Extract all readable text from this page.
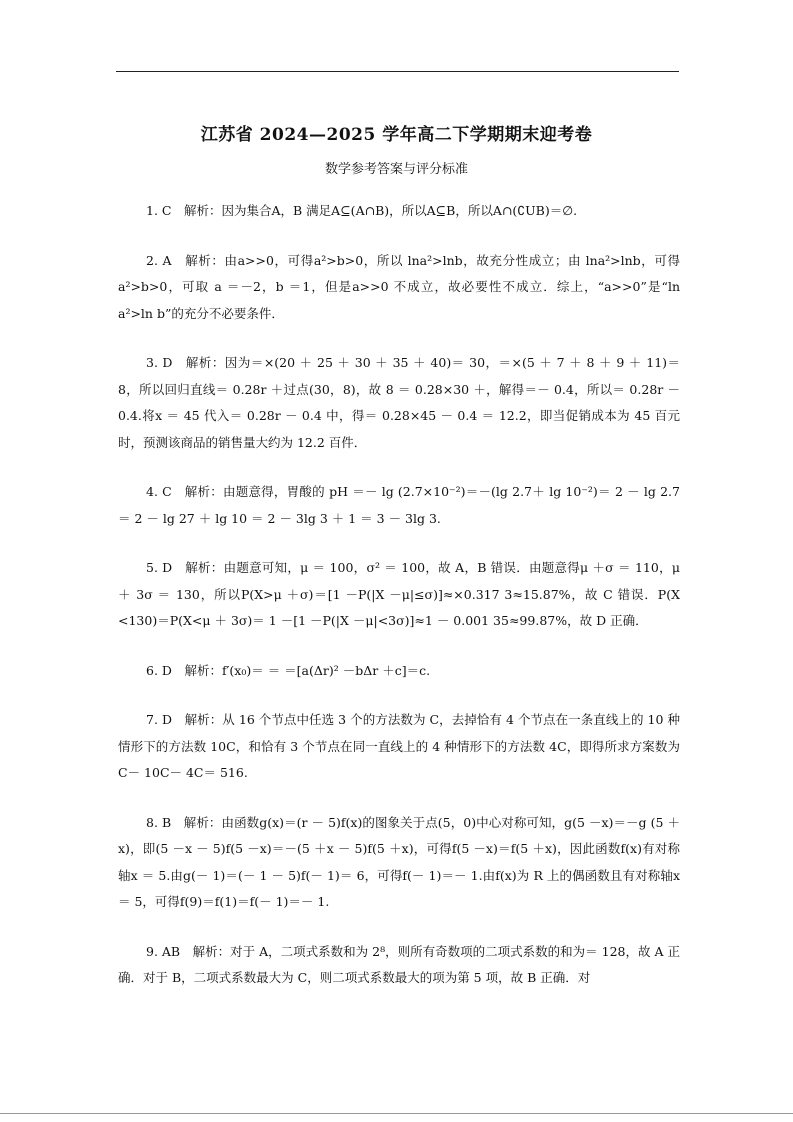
江苏省 2024—2025 学年高二下学期期末迎考卷
数学参考答案与评分标准

1. C　 解析：因为集合A，B 满足A⊆(A∩B)，所以A⊆B，所以A∩(∁UB)＝∅.

2. A　 解析：由a>>0，可得a²>b>0，所以 lna²>lnb，故充分性成立；由 lna²>lnb，可得a²>b>0，可取 a ＝－2，b ＝1，但是a>>0 不成立，故必要性不成立．综上，“a>>0”是“ln a²>ln b”的充分不必要条件．

3. D　 解析：因为＝×(20 ＋ 25 ＋ 30 ＋ 35 ＋ 40)＝ 30，＝×(5 ＋ 7 ＋ 8 ＋ 9 ＋ 11)＝ 8，所以回归直线＝ 0.28r ＋过点(30，8)，故 8 ＝ 0.28×30 ＋，解得＝－ 0.4，所以＝ 0.28r － 0.4.将x ＝ 45 代入＝ 0.28r － 0.4 中，得＝ 0.28×45 － 0.4 ＝ 12.2，即当促销成本为 45 百元时，预测该商品的销售量大约为 12.2 百件．

4. C　 解析：由题意得，胃酸的 pH ＝－ lg (2.7×10⁻²)＝－(lg 2.7＋ lg 10⁻²)＝ 2 － lg 2.7 ＝ 2 － lg 27 ＋ lg 10 ＝ 2 － 3lg 3 ＋ 1 ＝ 3 － 3lg 3.

5. D　 解析：由题意可知，μ ＝ 100，σ² ＝ 100，故 A，B 错误．由题意得μ ＋σ ＝ 110，μ ＋ 3σ ＝ 130，所以P(X>μ ＋σ)＝[1 －P(|X －μ|≤σ)]≈×0.317 3≈15.87%，故 C 错误．P(X <130)＝P(X<μ ＋ 3σ)＝ 1 －[1 －P(|X －μ|<3σ)]≈1 － 0.001 35≈99.87%，故 D 正确．

6. D　 解析：f′(x₀)＝ ＝ ＝[a(Δr)² －bΔr ＋c]＝c.

7. D　 解析：从 16 个节点中任选 3 个的方法数为 C，去掉恰有 4 个节点在一条直线上的 10 种情形下的方法数 10C，和恰有 3 个节点在同一直线上的 4 种情形下的方法数 4C，即得所求方案数为 C－ 10C－ 4C＝ 516.

8. B　 解析：由函数g(x)＝(r － 5)f(x)的图象关于点(5，0)中心对称可知，g(5 －x)＝－g (5 ＋x)，即(5 －x － 5)f(5 －x)＝－(5 ＋x － 5)f(5 ＋x)，可得f(5 －x)＝f(5 ＋x)，因此函数f(x)有对称轴x ＝ 5.由g(－ 1)＝(－ 1 － 5)f(－ 1)＝ 6，可得f(－ 1)＝－ 1.由f(x)为 R 上的偶函数且有对称轴x ＝ 5，可得f(9)＝f(1)＝f(－ 1)＝－ 1.

9. AB　 解析：对于 A，二项式系数和为 2⁸，则所有奇数项的二项式系数的和为＝ 128，故 A 正确．对于 B，二项式系数最大为 C，则二项式系数最大的项为第 5 项，故 B 正确．对
